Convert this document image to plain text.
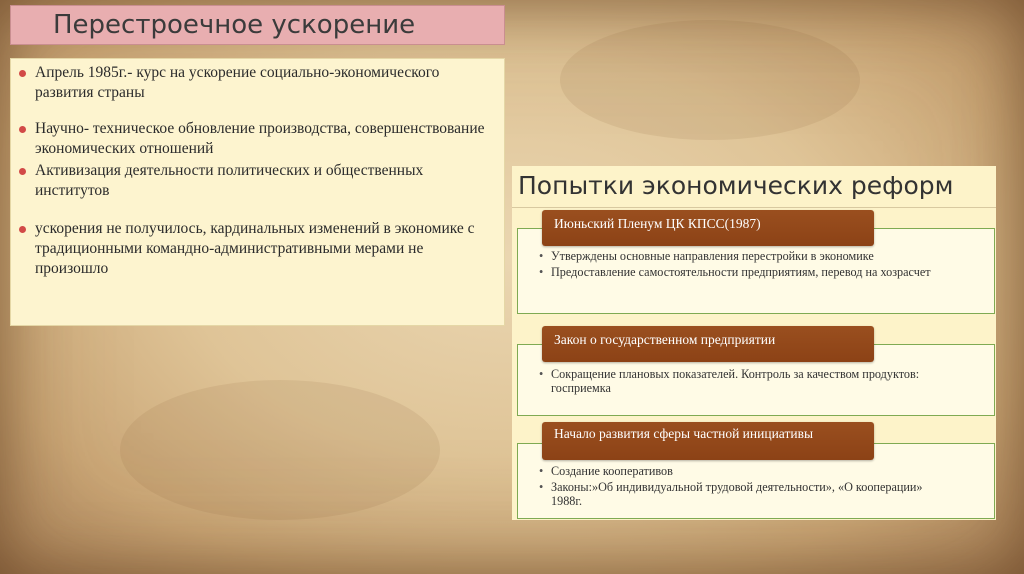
Перестроечное ускорение
Апрель 1985г.- курс на ускорение социально-экономического развития страны
Научно- техническое обновление производства, совершенствование экономических отношений
Активизация деятельности политических и общественных институтов
ускорения не получилось, кардинальных изменений в экономике с традиционными командно-административными мерами не произошло
Попытки экономических реформ
• Утверждены основные направления перестройки в экономике
• Предоставление самостоятельности предприятиям, перевод на хозрасчет
Июньский Пленум ЦК КПСС(1987)
• Сокращение плановых показателей. Контроль за качеством продуктов: госприемка
Закон о государственном предприятии
• Создание кооперативов
• Законы:»Об индивидуальной трудовой деятельности», «О кооперации» 1988г.
Начало развития сферы частной инициативы
